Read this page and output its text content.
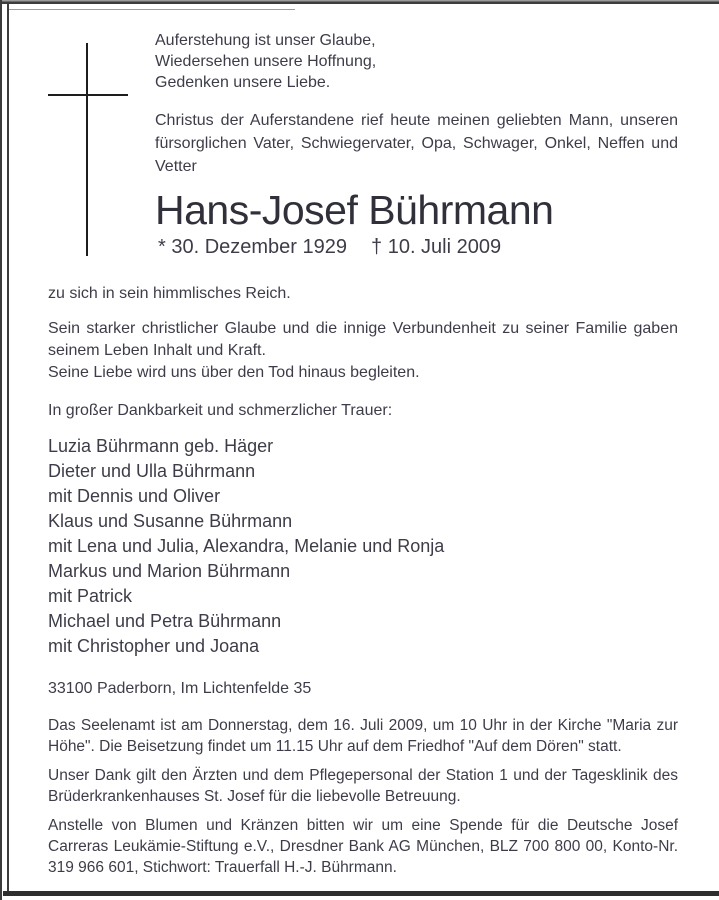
Auferstehung ist unser Glaube,
Wiedersehen unsere Hoffnung,
Gedenken unsere Liebe.

Christus der Auferstandene rief heute meinen geliebten Mann, unseren fürsorglichen Vater, Schwiegervater, Opa, Schwager, Onkel, Neffen und Vetter

Hans-Josef Bührmann
* 30. Dezember 1929 † 10. Juli 2009
zu sich in sein himmlisches Reich.

Sein starker christlicher Glaube und die innige Verbundenheit zu seiner Familie gaben seinem Leben Inhalt und Kraft.

Seine Liebe wird uns über den Tod hinaus begleiten.

In großer Dankbarkeit und schmerzlicher Trauer:
Luzia Bührmann geb. Häger
Dieter und Ulla Bührmann
mit Dennis und Oliver
Klaus und Susanne Bührmann
mit Lena und Julia, Alexandra, Melanie und Ronja
Markus und Marion Bührmann
mit Patrick
Michael und Petra Bührmann
mit Christopher und Joana
33100 Paderborn, Im Lichtenfelde 35

Das Seelenamt ist am Donnerstag, dem 16. Juli 2009, um 10 Uhr in der Kirche "Maria zur Höhe". Die Beisetzung findet um 11.15 Uhr auf dem Friedhof "Auf dem Dören" statt.

Unser Dank gilt den Ärzten und dem Pflegepersonal der Station 1 und der Tagesklinik des Brüderkrankenhauses St. Josef für die liebevolle Betreuung.

Anstelle von Blumen und Kränzen bitten wir um eine Spende für die Deutsche Josef Carreras Leukämie-Stiftung e.V., Dresdner Bank AG München, BLZ 700 800 00, Konto-Nr. 319 966 601, Stichwort: Trauerfall H.-J. Bührmann.
